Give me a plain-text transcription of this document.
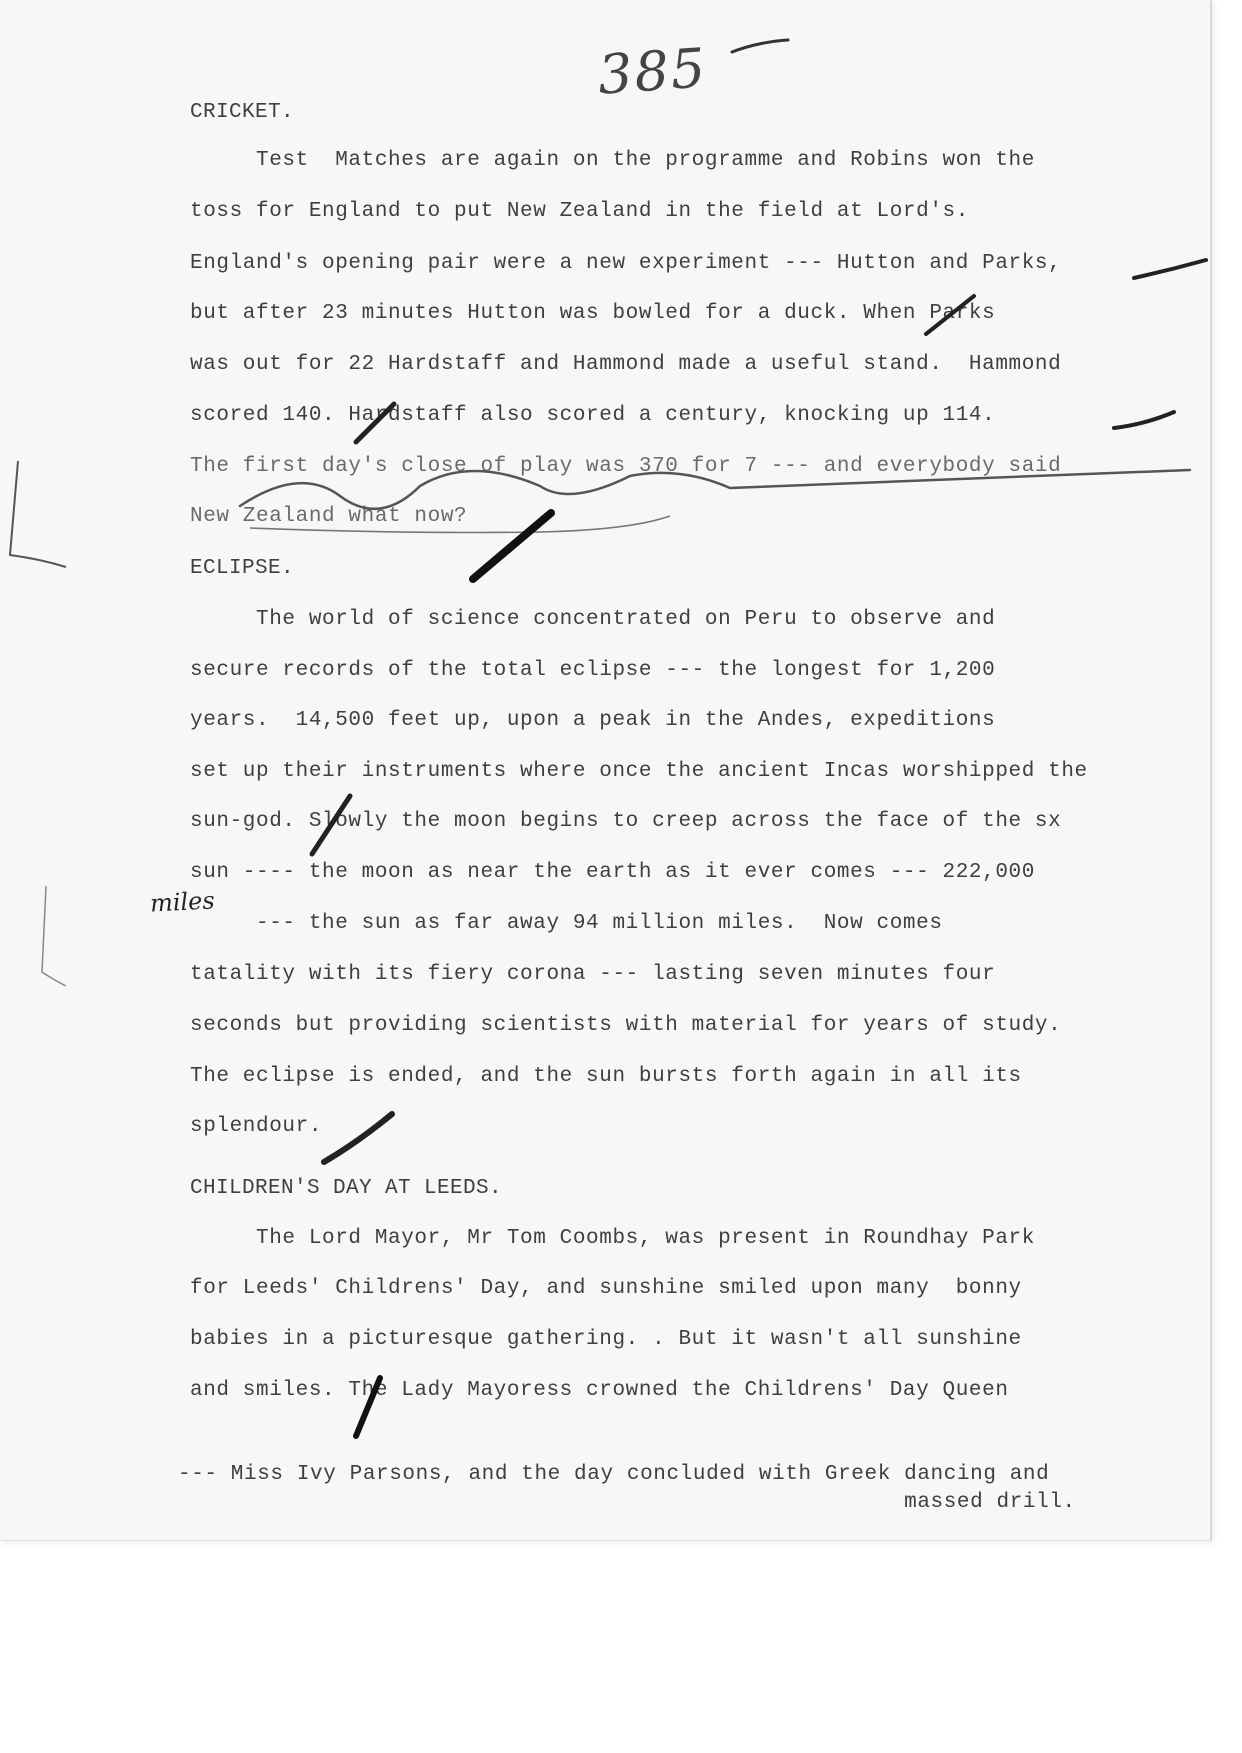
385
CRICKET.
Test  Matches are again on the programme and Robins won the
toss for England to put New Zealand in the field at Lord's.
England's opening pair were a new experiment --- Hutton and Parks,
but after 23 minutes Hutton was bowled for a duck. When Parks
was out for 22 Hardstaff and Hammond made a useful stand.  Hammond
scored 140. Hardstaff also scored a century, knocking up 114.
The first day's close of play was 370 for 7 --- and everybody said
New Zealand what now?
ECLIPSE.
The world of science concentrated on Peru to observe and
secure records of the total eclipse --- the longest for 1,200
years.  14,500 feet up, upon a peak in the Andes, expeditions
set up their instruments where once the ancient Incas worshipped the
sun-god. Slowly the moon begins to creep across the face of the sx
sun ---- the moon as near the earth as it ever comes --- 222,000
--- the sun as far away 94 million miles.  Now comes
tatality with its fiery corona --- lasting seven minutes four
seconds but providing scientists with material for years of study.
The eclipse is ended, and the sun bursts forth again in all its
splendour.
miles
CHILDREN'S DAY AT LEEDS.
The Lord Mayor, Mr Tom Coombs, was present in Roundhay Park
for Leeds' Childrens' Day, and sunshine smiled upon many  bonny
babies in a picturesque gathering. . But it wasn't all sunshine
and smiles. The Lady Mayoress crowned the Childrens' Day Queen
--- Miss Ivy Parsons, and the day concluded with Greek dancing and
massed drill.
